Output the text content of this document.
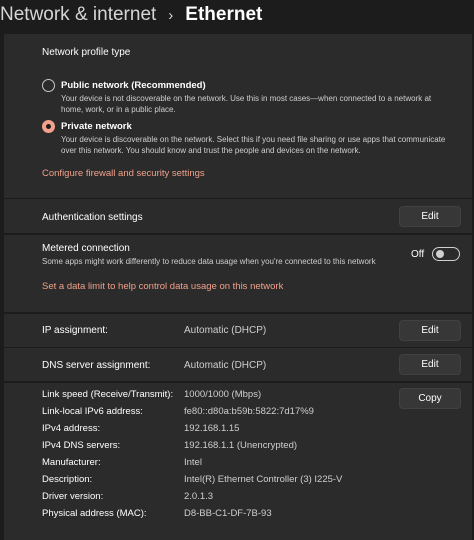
Network & internet › Ethernet
Network profile type
Public network (Recommended)
Your device is not discoverable on the network. Use this in most cases—when connected to a network at
home, work, or in a public place.
Private network
Your device is discoverable on the network. Select this if you need file sharing or use apps that communicate
over this network. You should know and trust the people and devices on the network.
Configure firewall and security settings
Authentication settings	Edit
Metered connection
Some apps might work differently to reduce data usage when you're connected to this network
Off
Set a data limit to help control data usage on this network
IP assignment:	Automatic (DHCP)	Edit
DNS server assignment:	Automatic (DHCP)	Edit
Copy
Link speed (Receive/Transmit): 1000/1000 (Mbps)
Link-local IPv6 address:	fe80::d80a:b59b:5822:7d17%9
IPv4 address:	192.168.1.15
IPv4 DNS servers:	192.168.1.1 (Unencrypted)
Manufacturer:	Intel
Description:	Intel(R) Ethernet Controller (3) I225-V
Driver version:	2.0.1.3
Physical address (MAC):	D8-BB-C1-DF-7B-93
